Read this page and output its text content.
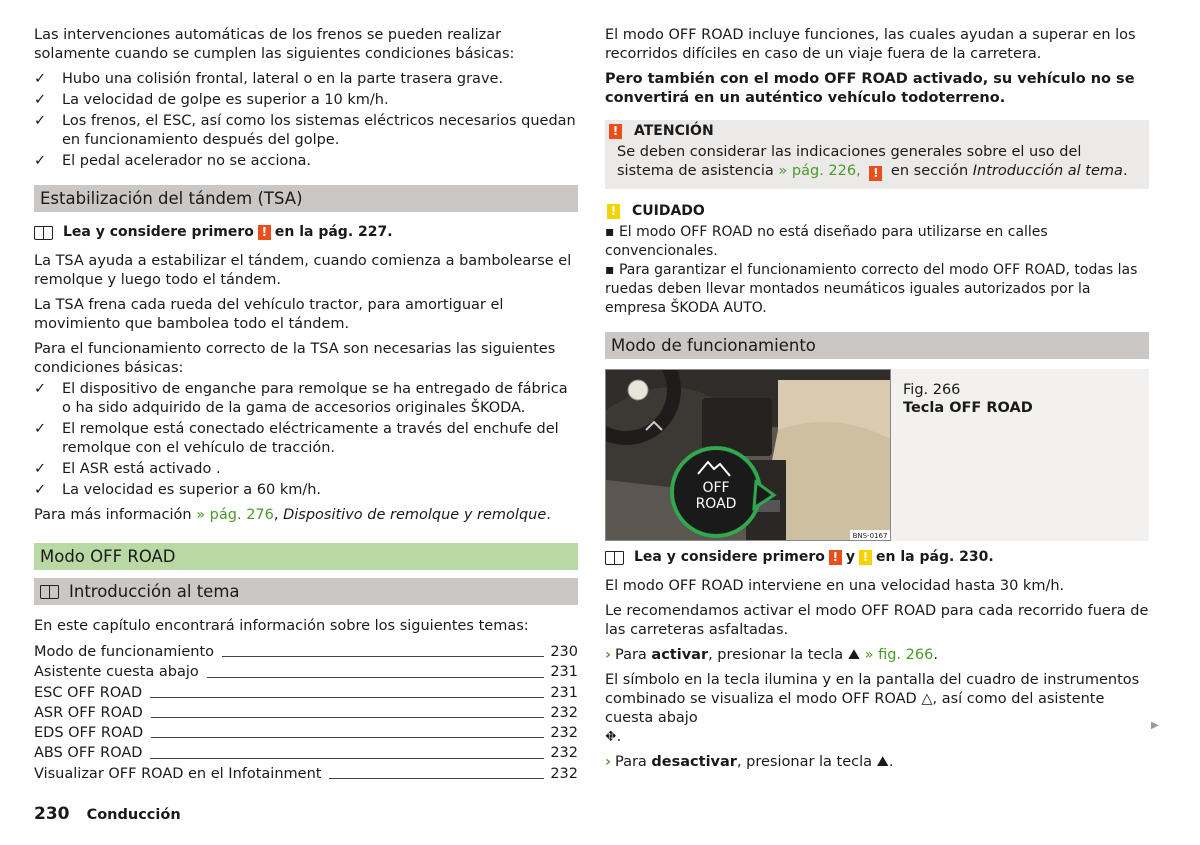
Las intervenciones automáticas de los frenos se pueden realizar solamente cuando se cumplen las siguientes condiciones básicas:

✓	Hubo una colisión frontal, lateral o en la parte trasera grave.
✓	La velocidad de golpe es superior a 10 km/h.
✓	Los frenos, el ESC, así como los sistemas eléctricos necesarios quedan en funcionamiento después del golpe.
✓	El pedal acelerador no se acciona.
Estabilización del tándem (TSA)
Lea y considere primero ! en la pág. 227.

La TSA ayuda a estabilizar el tándem, cuando comienza a bambolearse el remolque y luego todo el tándem.

La TSA frena cada rueda del vehículo tractor, para amortiguar el movimiento que bambolea todo el tándem.

Para el funcionamiento correcto de la TSA son necesarias las siguientes condiciones básicas:

✓	El dispositivo de enganche para remolque se ha entregado de fábrica o ha sido adquirido de la gama de accesorios originales ŠKODA.
✓	El remolque está conectado eléctricamente a través del enchufe del remolque con el vehículo de tracción.
✓	El ASR está activado .
✓	La velocidad es superior a 60 km/h.

Para más información » pág. 276, Dispositivo de remolque y remolque.

Modo OFF ROAD
Introducción al tema

En este capítulo encontrará información sobre los siguientes temas:

Modo de funcionamiento	230
Asistente cuesta abajo	231
ESC OFF ROAD	231
ASR OFF ROAD	232
EDS OFF ROAD	232
ABS OFF ROAD	232
Visualizar OFF ROAD en el Infotainment	232

El modo OFF ROAD incluye funciones, las cuales ayudan a superar en los recorridos difíciles en caso de un viaje fuera de la carretera.

Pero también con el modo OFF ROAD activado, su vehículo no se convertirá en un auténtico vehículo todoterreno.

! ATENCIÓN
Se deben considerar las indicaciones generales sobre el uso del sistema de asistencia » pág. 226, ! en sección Introducción al tema.
! CUIDADO
▪ El modo OFF ROAD no está diseñado para utilizarse en calles convencionales.
▪ Para garantizar el funcionamiento correcto del modo OFF ROAD, todas las ruedas deben llevar montados neumáticos iguales autorizados por la empresa ŠKODA AUTO.
Modo de funcionamiento
OFF
ROAD
BNS-0167
Fig. 266
Tecla OFF ROAD
Lea y considere primero ! y ! en la pág. 230.

El modo OFF ROAD interviene en una velocidad hasta 30 km/h.

Le recomendamos activar el modo OFF ROAD para cada recorrido fuera de las carreteras asfaltadas.

› Para activar, presionar la tecla ⛰ » fig. 266.

El símbolo en la tecla ilumina y en la pantalla del cuadro de instrumentos combinado se visualiza el modo OFF ROAD △, así como del asistente cuesta abajo
⛖.

› Para desactivar, presionar la tecla ⛰.

▶
230 Conducción
